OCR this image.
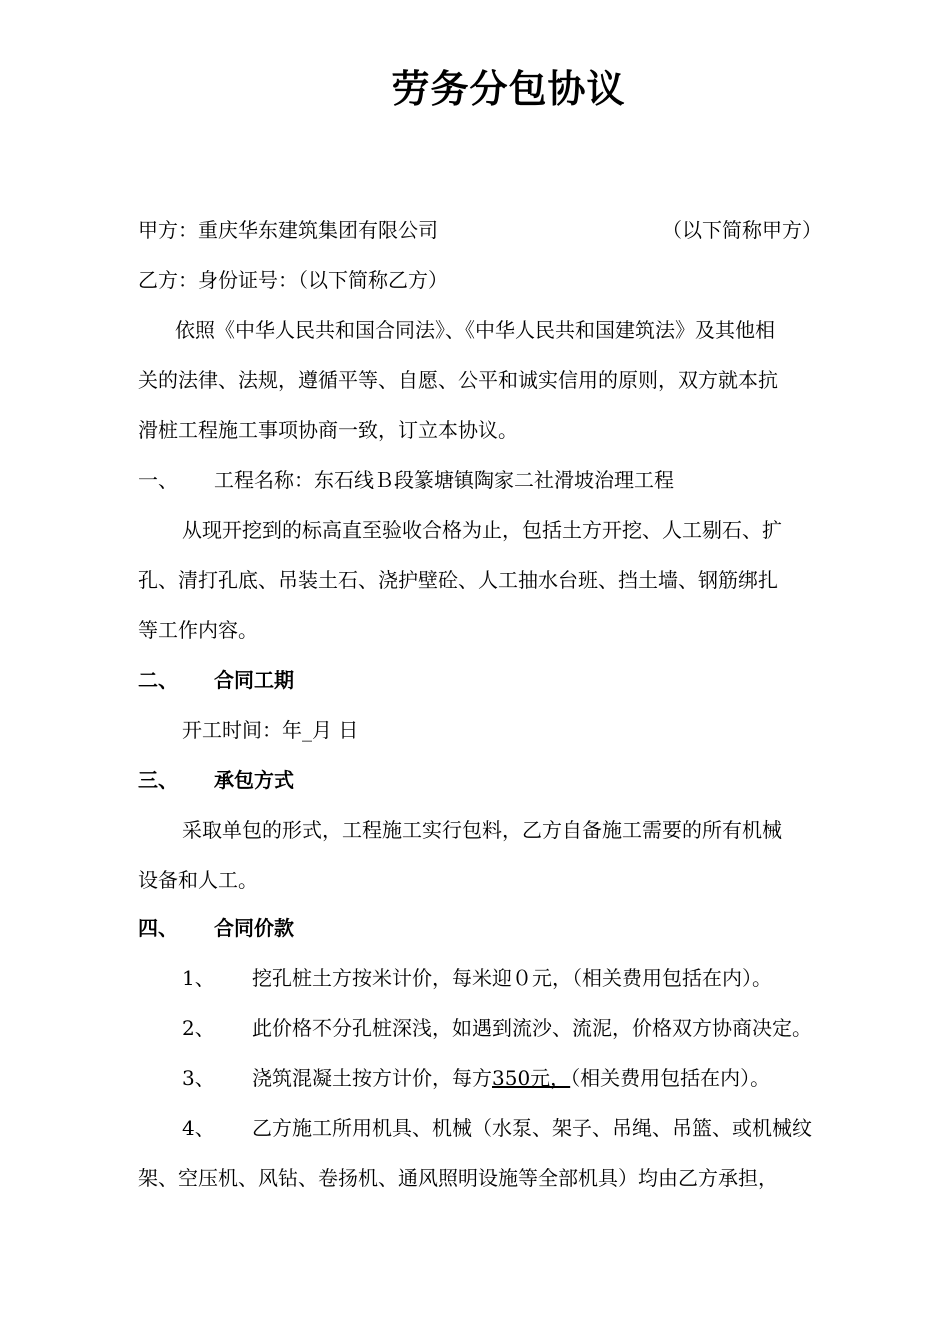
劳务分包协议
甲方：重庆华东建筑集团有限公司	（以下简称甲方）
乙方：身份证号：（以下简称乙方）
依照《中华人民共和国合同法》、《中华人民共和国建筑法》及其他相
关的法律、法规，遵循平等、自愿、公平和诚实信用的原则，双方就本抗
滑桩工程施工事项协商一致，订立本协议。
一、 工程名称：东石线Ｂ段篆塘镇陶家二社滑坡治理工程
从现开挖到的标高直至验收合格为止，包括土方开挖、人工剔石、扩
孔、清打孔底、吊装土石、浇护壁砼、人工抽水台班、挡土墙、钢筋绑扎
等工作内容。
二、 合同工期
开工时间：年_月 日
三、 承包方式
采取单包的形式，工程施工实行包料，乙方自备施工需要的所有机械
设备和人工。
四、 合同价款
1、 挖孔桩土方按米计价，每米迎０元，（相关费用包括在内）。
2、 此价格不分孔桩深浅，如遇到流沙、流泥，价格双方协商决定。
3、 浇筑混凝土按方计价，每方350元，（相关费用包括在内）。
4、 乙方施工所用机具、机械（水泵、架子、吊绳、吊篮、或机械纹
架、空压机、风钻、卷扬机、通风照明设施等全部机具）均由乙方承担，
